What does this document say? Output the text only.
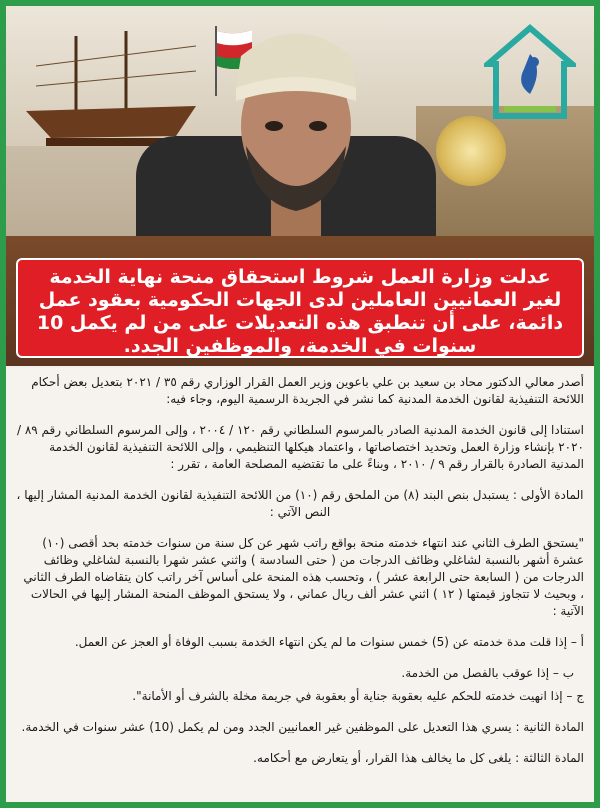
عدلت وزارة العمل شروط استحقاق منحة نهاية الخدمة لغير العمانيين العاملين لدى الجهات الحكومية بعقود عمل دائمة، على أن تنطبق هذه التعديلات على من لم يكمل 10 سنوات في الخدمة، والموظفين الجدد.

أصدر معالي الدكتور محاد بن سعيد بن علي باعوين وزير العمل القرار الوزاري رقم ٣٥ / ٢٠٢١ بتعديل بعض أحكام اللائحة التنفيذية لقانون الخدمة المدنية كما نشر في الجريدة الرسمية اليوم، وجاء فيه:

استنادا إلى قانون الخدمة المدنية الصادر بالمرسوم السلطاني رقم ١٢٠ / ٢٠٠٤ ، وإلى المرسوم السلطاني رقم ٨٩ / ٢٠٢٠ بإنشاء وزارة العمل وتحديد اختصاصاتها ، واعتماد هيكلها التنظيمي ، وإلى اللائحة التنفيذية لقانون الخدمة المدنية الصادرة بالقرار رقم ٩ / ٢٠١٠ ، وبناءً على ما تقتضيه المصلحة العامة ، تقرر :

المادة الأولى : يستبدل بنص البند (٨) من الملحق رقم (١٠) من اللائحة التنفيذية لقانون الخدمة المدنية المشار إليها ، النص الآتي :

"يستحق الطرف الثاني عند انتهاء خدمته منحة بواقع راتب شهر عن كل سنة من سنوات خدمته بحد أقصى (١٠) عشرة أشهر بالنسبة لشاغلي وظائف الدرجات من ( حتى السادسة ) واثني عشر شهرا بالنسبة لشاغلي وظائف الدرجات من ( السابعة حتى الرابعة عشر ) ، وتحسب هذه المنحة على أساس آخر راتب كان يتقاضاه الطرف الثاني ، وبحيث لا تتجاوز قيمتها ( ١٢ ) اثني عشر ألف ريال عماني ، ولا يستحق الموظف المنحة المشار إليها في الحالات الآتية :

أ – إذا قلت مدة خدمته عن (5) خمس سنوات ما لم يكن انتهاء الخدمة بسبب الوفاة أو العجز عن العمل.

ب – إذا عوقب بالفصل من الخدمة.

ج – إذا انهيت خدمته للحكم عليه بعقوبة جناية أو بعقوبة في جريمة مخلة بالشرف أو الأمانة".

المادة الثانية : يسري هذا التعديل على الموظفين غير العمانيين الجدد ومن لم يكمل (10) عشر سنوات في الخدمة.

المادة الثالثة : يلغى كل ما يخالف هذا القرار، أو يتعارض مع أحكامه.
